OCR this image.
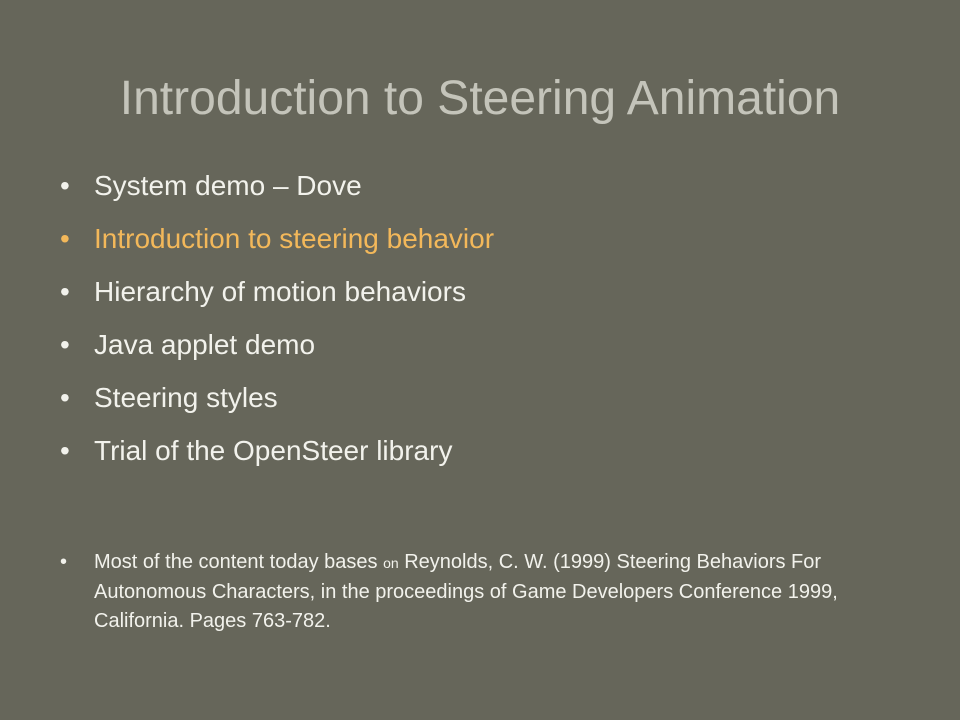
Introduction to Steering Animation
• System demo – Dove
• Introduction to steering behavior
• Hierarchy of motion behaviors
• Java applet demo
• Steering styles
• Trial of the OpenSteer library
• Most of the content today bases on Reynolds, C. W. (1999) Steering Behaviors For Autonomous Characters, in the proceedings of Game Developers Conference 1999, California. Pages 763-782.
